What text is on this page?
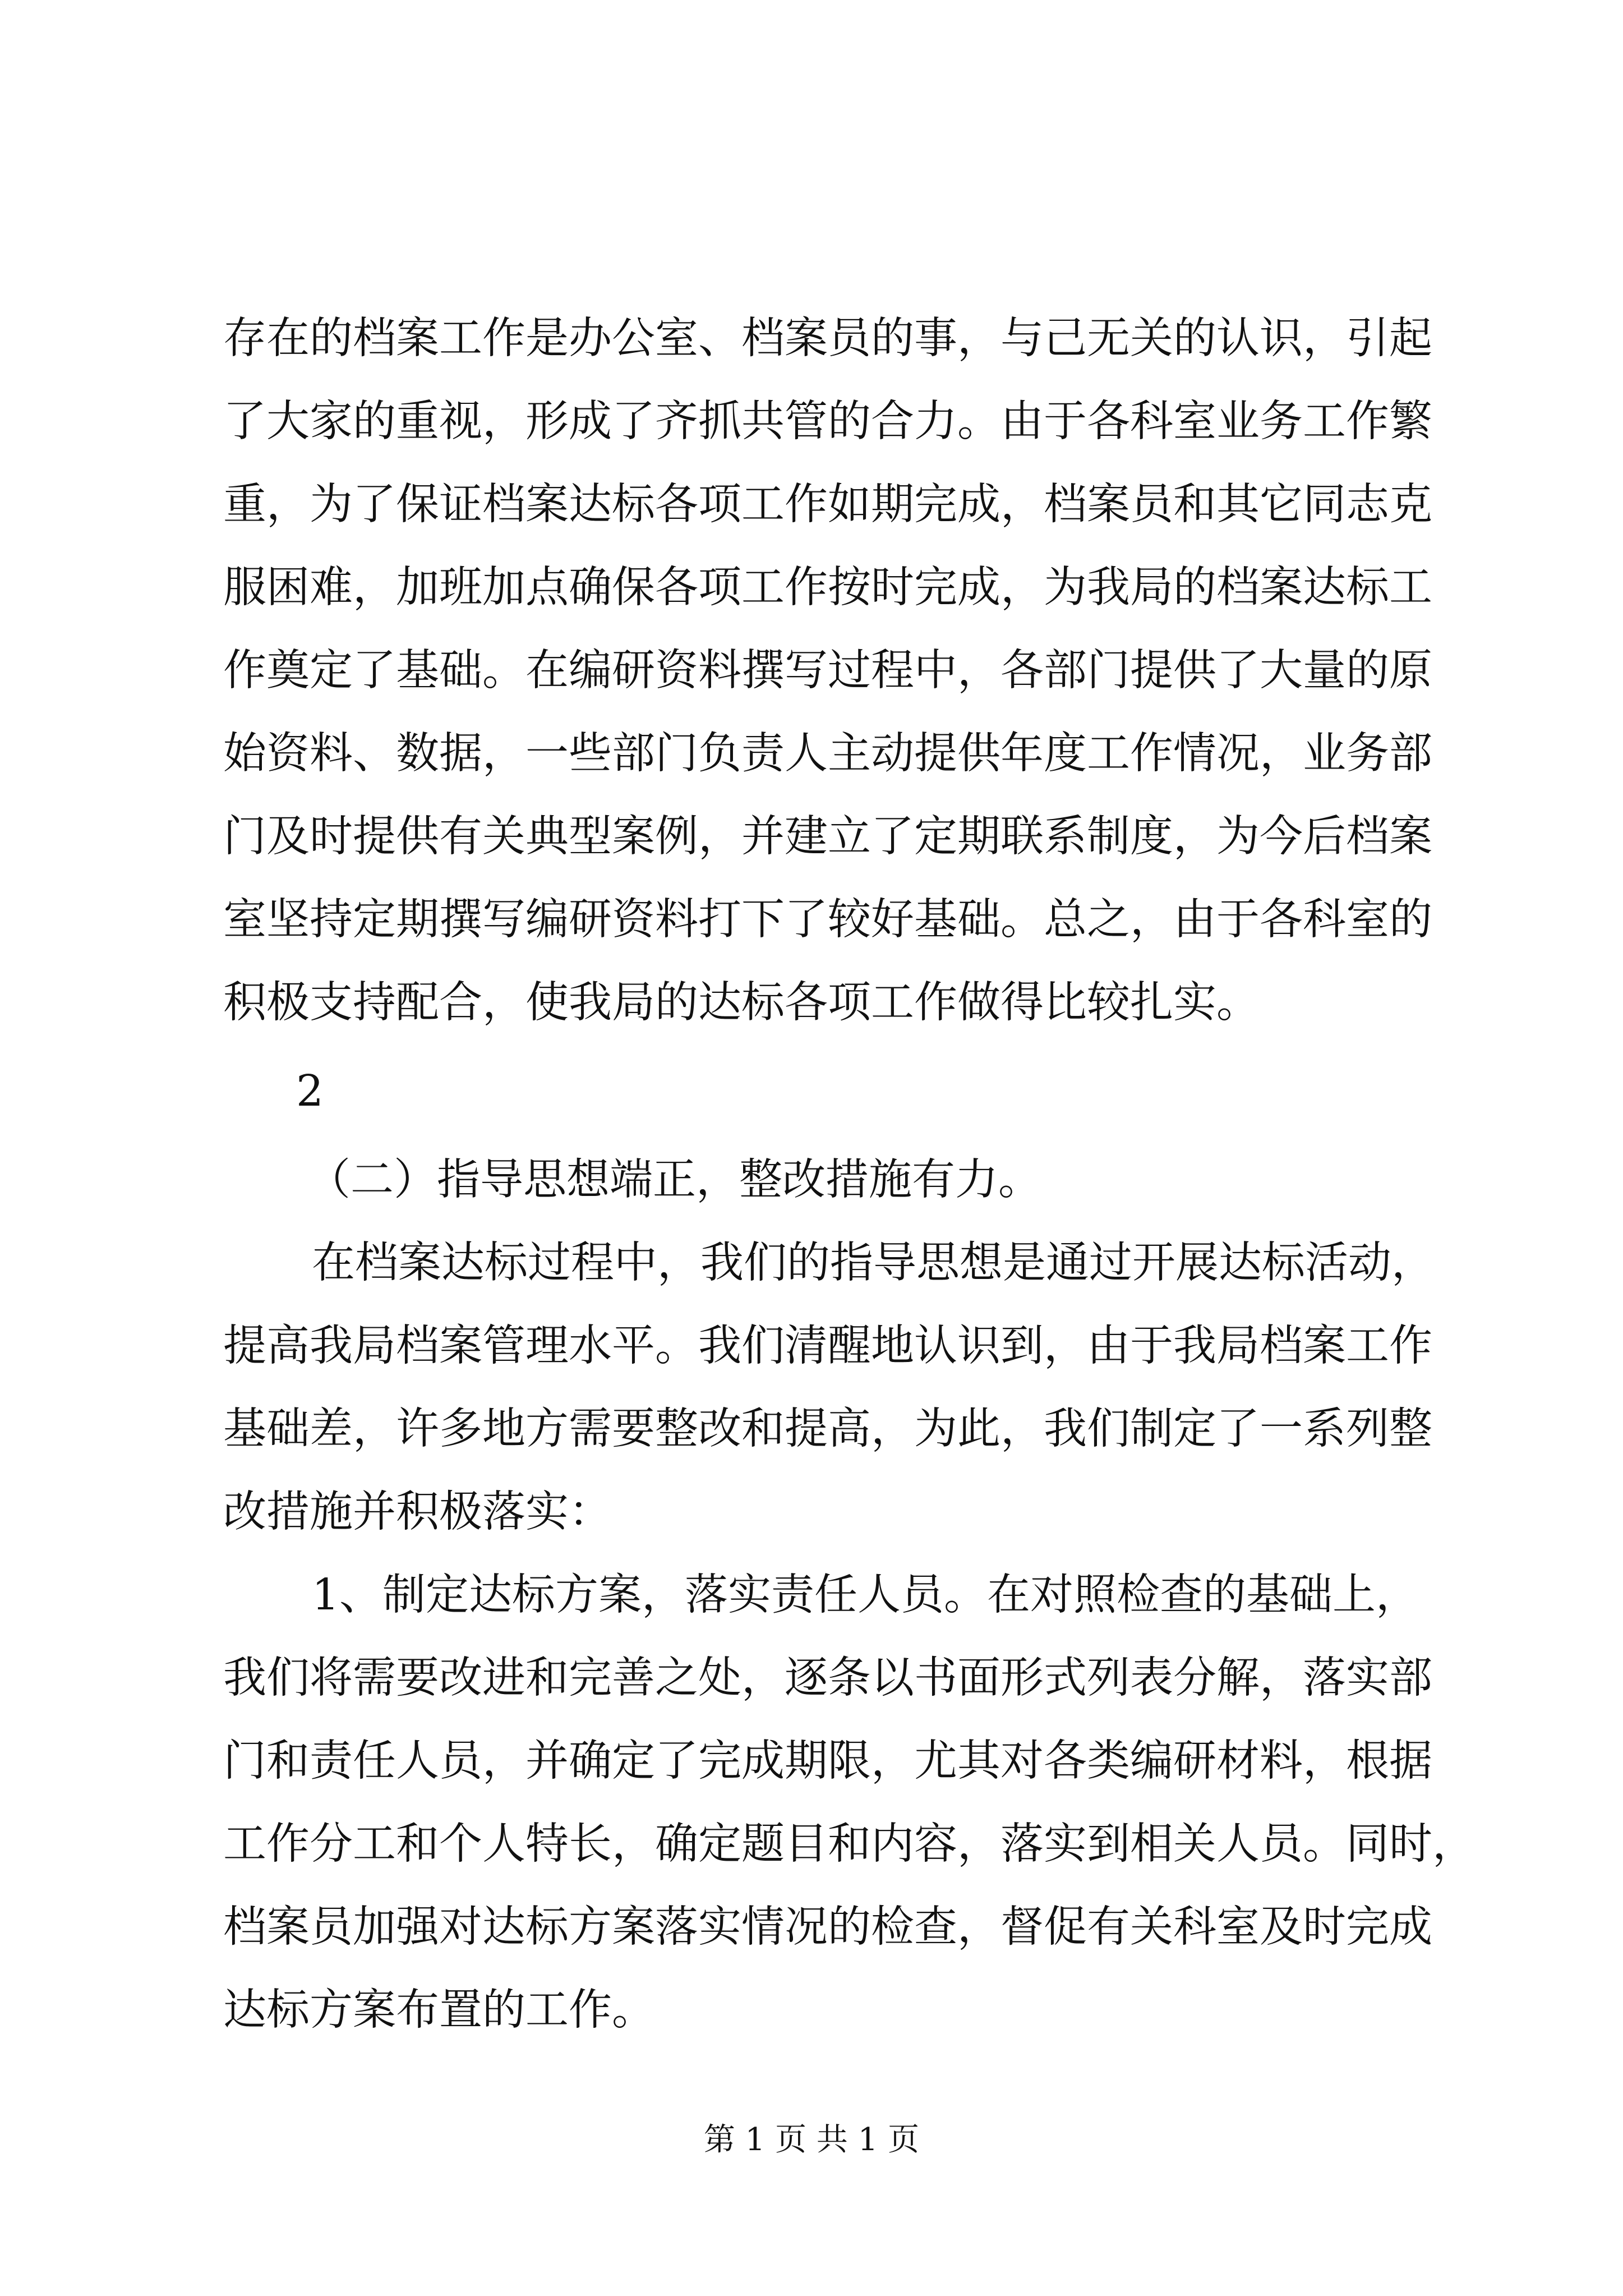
存在的档案工作是办公室、档案员的事，与己无关的认识，引起
了大家的重视，形成了齐抓共管的合力。由于各科室业务工作繁
重，为了保证档案达标各项工作如期完成，档案员和其它同志克
服困难，加班加点确保各项工作按时完成，为我局的档案达标工
作奠定了基础。在编研资料撰写过程中，各部门提供了大量的原
始资料、数据，一些部门负责人主动提供年度工作情况，业务部
门及时提供有关典型案例，并建立了定期联系制度，为今后档案
室坚持定期撰写编研资料打下了较好基础。总之，由于各科室的
积极支持配合，使我局的达标各项工作做得比较扎实。
2
（二）指导思想端正，整改措施有力。
在档案达标过程中，我们的指导思想是通过开展达标活动，
提高我局档案管理水平。我们清醒地认识到，由于我局档案工作
基础差，许多地方需要整改和提高，为此，我们制定了一系列整
改措施并积极落实：
1、制定达标方案，落实责任人员。在对照检查的基础上，
我们将需要改进和完善之处，逐条以书面形式列表分解，落实部
门和责任人员，并确定了完成期限，尤其对各类编研材料，根据
工作分工和个人特长，确定题目和内容，落实到相关人员。同时，
档案员加强对达标方案落实情况的检查，督促有关科室及时完成
达标方案布置的工作。
第 1 页 共 1 页
